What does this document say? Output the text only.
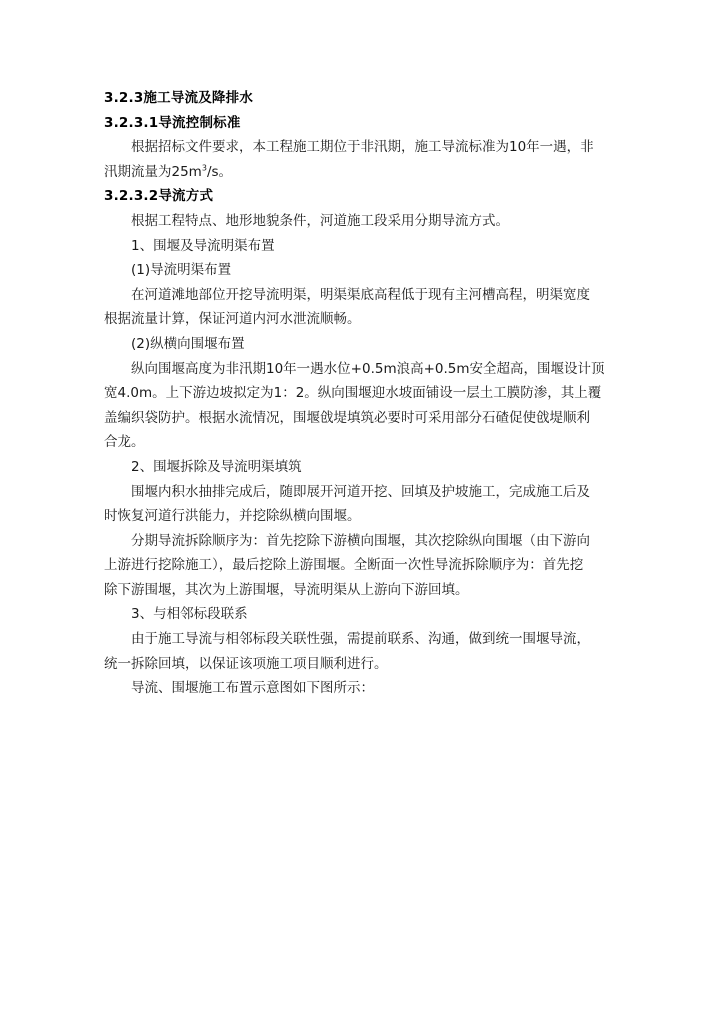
3.2.3施工导流及降排水

3.2.3.1导流控制标准

根据招标文件要求，本工程施工期位于非汛期，施工导流标准为10年一遇，非

汛期流量为$25m^3/s$。

3.2.3.2导流方式

根据工程特点、地形地貌条件，河道施工段采用分期导流方式。

1、围堰及导流明渠布置

(1)导流明渠布置

在河道滩地部位开挖导流明渠，明渠渠底高程低于现有主河槽高程，明渠宽度

根据流量计算，保证河道内河水泄流顺畅。

(2)纵横向围堰布置

纵向围堰高度为非汛期10年一遇水位+0.5m浪高+0.5m安全超高，围堰设计顶

宽4.0m。上下游边坡拟定为1：2。纵向围堰迎水坡面铺设一层土工膜防渗，其上覆

盖编织袋防护。根据水流情况，围堰戗堤填筑必要时可采用部分石碴促使戗堤顺利

合龙。

2、围堰拆除及导流明渠填筑

围堰内积水抽排完成后，随即展开河道开挖、回填及护坡施工，完成施工后及

时恢复河道行洪能力，并挖除纵横向围堰。

分期导流拆除顺序为：首先挖除下游横向围堰，其次挖除纵向围堰（由下游向

上游进行挖除施工），最后挖除上游围堰。全断面一次性导流拆除顺序为：首先挖

除下游围堰，其次为上游围堰，导流明渠从上游向下游回填。

3、与相邻标段联系

由于施工导流与相邻标段关联性强，需提前联系、沟通，做到统一围堰导流，

统一拆除回填，以保证该项施工项目顺利进行。

导流、围堰施工布置示意图如下图所示：
